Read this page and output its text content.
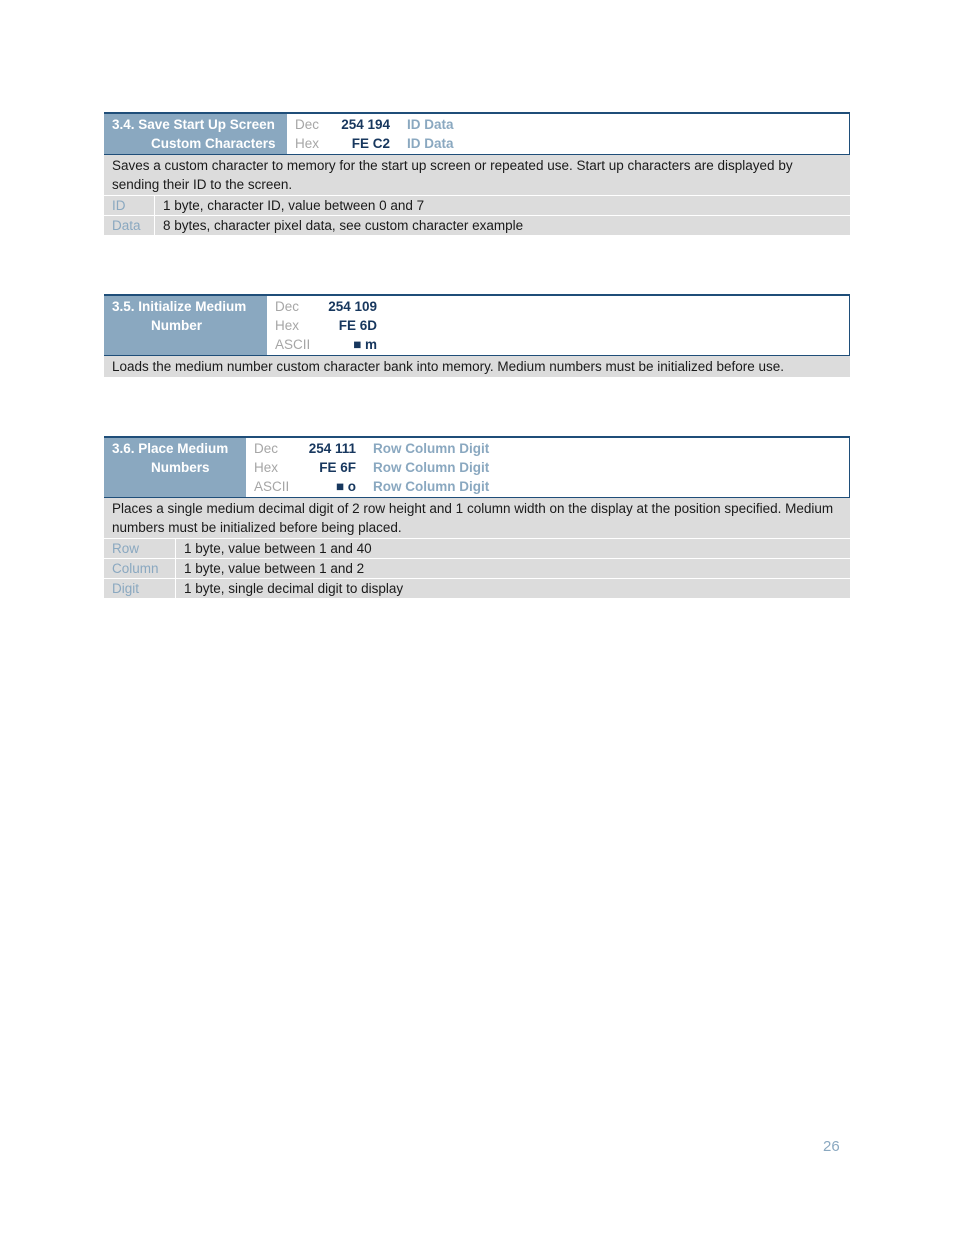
3.4. Save Start Up Screen
Custom Characters
Dec	254 194	ID Data
Hex	FE C2	ID Data
Saves a custom character to memory for the start up screen or repeated use. Start up characters are displayed by sending their ID to the screen.
ID	1 byte, character ID, value between 0 and 7
Data	8 bytes, character pixel data, see custom character example
3.5. Initialize Medium
Number
Dec	254 109
Hex	FE 6D
ASCII	■ m
Loads the medium number custom character bank into memory. Medium numbers must be initialized before use.
3.6. Place Medium
Numbers
Dec	254 111	Row Column Digit
Hex	FE 6F	Row Column Digit
ASCII	■ o	Row Column Digit
Places a single medium decimal digit of 2 row height and 1 column width on the display at the position specified. Medium numbers must be initialized before being placed.
Row	1 byte, value between 1 and 40
Column	1 byte, value between 1 and 2
Digit	1 byte, single decimal digit to display
26
